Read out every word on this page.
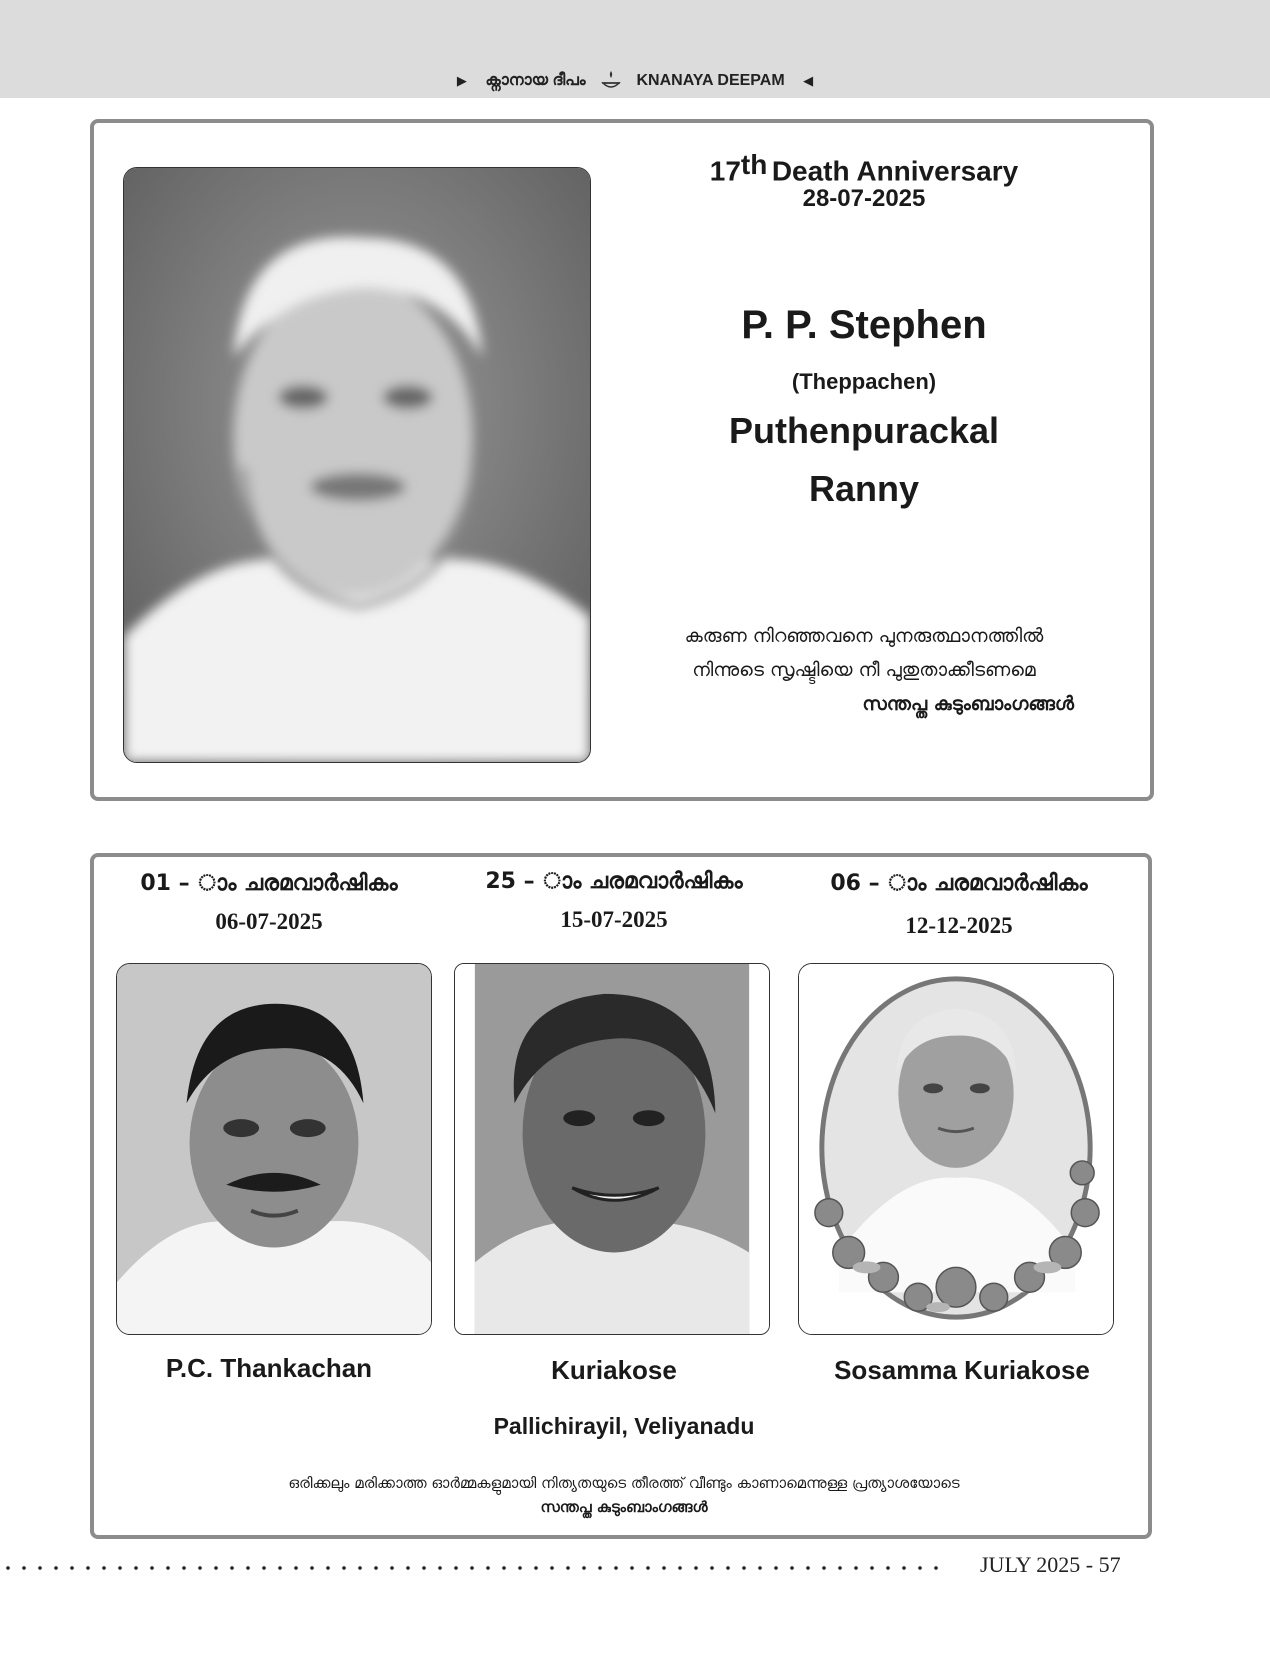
▶ ക്നാനായ ദീപം	KNANAYA DEEPAM ◀
17th Death Anniversary
28-07-2025
P. P. Stephen
(Theppachen)
Puthenpurackal
Ranny
കരുണ നിറഞ്ഞവനെ പുനരുത്ഥാനത്തിൽ
നിന്നുടെ സൃഷ്ടിയെ നീ പുതുതാക്കീടണമെ
സന്തപ്ത കുടുംബാംഗങ്ങൾ
01 – ാം ചരമവാർഷികം
06-07-2025
P.C. Thankachan
25 – ാം ചരമവാർഷികം
15-07-2025
Kuriakose
06 – ാം ചരമവാർഷികം
12-12-2025
Sosamma Kuriakose
Pallichirayil, Veliyanadu
ഒരിക്കലും മരിക്കാത്ത ഓർമ്മകളുമായി നിത്യതയുടെ തീരത്ത് വീണ്ടും കാണാമെന്നുള്ള പ്രത്യാശയോടെ
സന്തപ്ത കുടുംബാംഗങ്ങൾ
JULY 2025 - 57
